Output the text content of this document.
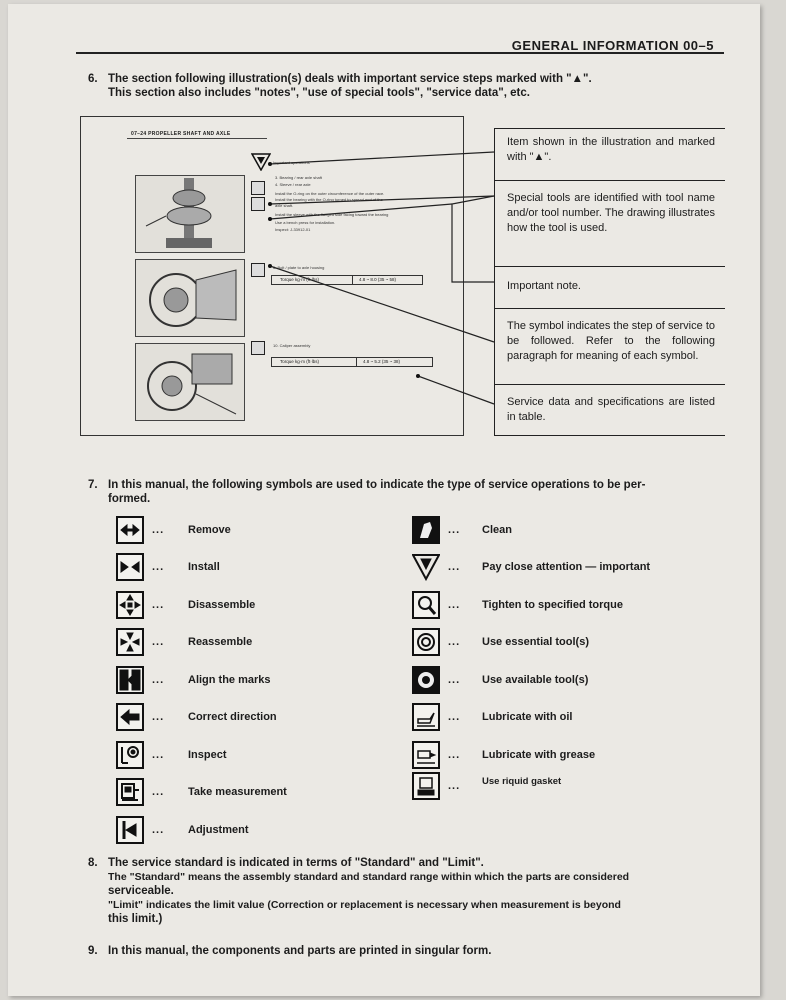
GENERAL INFORMATION 00–5
6. The section following illustration(s) deals with important service steps marked with "▲".
This section also includes "notes", "use of special tools", "service data", etc.
07–24 PROPELLER SHAFT AND AXLE
Important operations
3. Bearing / rear axle shaft
4. Sleeve / rear axle
Install the O-ring on the outer circumference of the outer race.
Install the bearing with the O-ring turned to spread end of the
axle shaft.
Install the sleeve with the flanged side facing toward the bearing
Use a bench press for installation.
Inspect: J-33912-01
6. Bolt / plate to axle housing
Torque kg·m (ft·lbs)	4.8 ~ 8.0 (35 ~ 58)
10. Caliper assembly
Torque kg·m (ft·lbs)	4.8 ~ 5.2 (35 ~ 38)
Item shown in the illustration and marked with "▲".
Special tools are identified with tool name and/or tool number. The drawing illustrates how the tool is used.
Important note.
The symbol indicates the step of service to be followed. Refer to the following paragraph for meaning of each symbol.
Service data and specifications are listed in table.
7. In this manual, the following symbols are used to indicate the type of service operations to be per-
formed.
... Remove
... Install
... Disassemble
... Reassemble
... Align the marks
... Correct direction
... Inspect
... Take measurement
... Adjustment
... Clean
... Pay close attention — important
... Tighten to specified torque
... Use essential tool(s)
... Use available tool(s)
... Lubricate with oil
... Lubricate with grease
... Use riquid gasket
8. The service standard is indicated in terms of "Standard" and "Limit".
The "Standard" means the assembly standard and standard range within which the parts are considered
serviceable.
"Limit" indicates the limit value (Correction or replacement is necessary when measurement is beyond
this limit.)
9. In this manual, the components and parts are printed in singular form.
